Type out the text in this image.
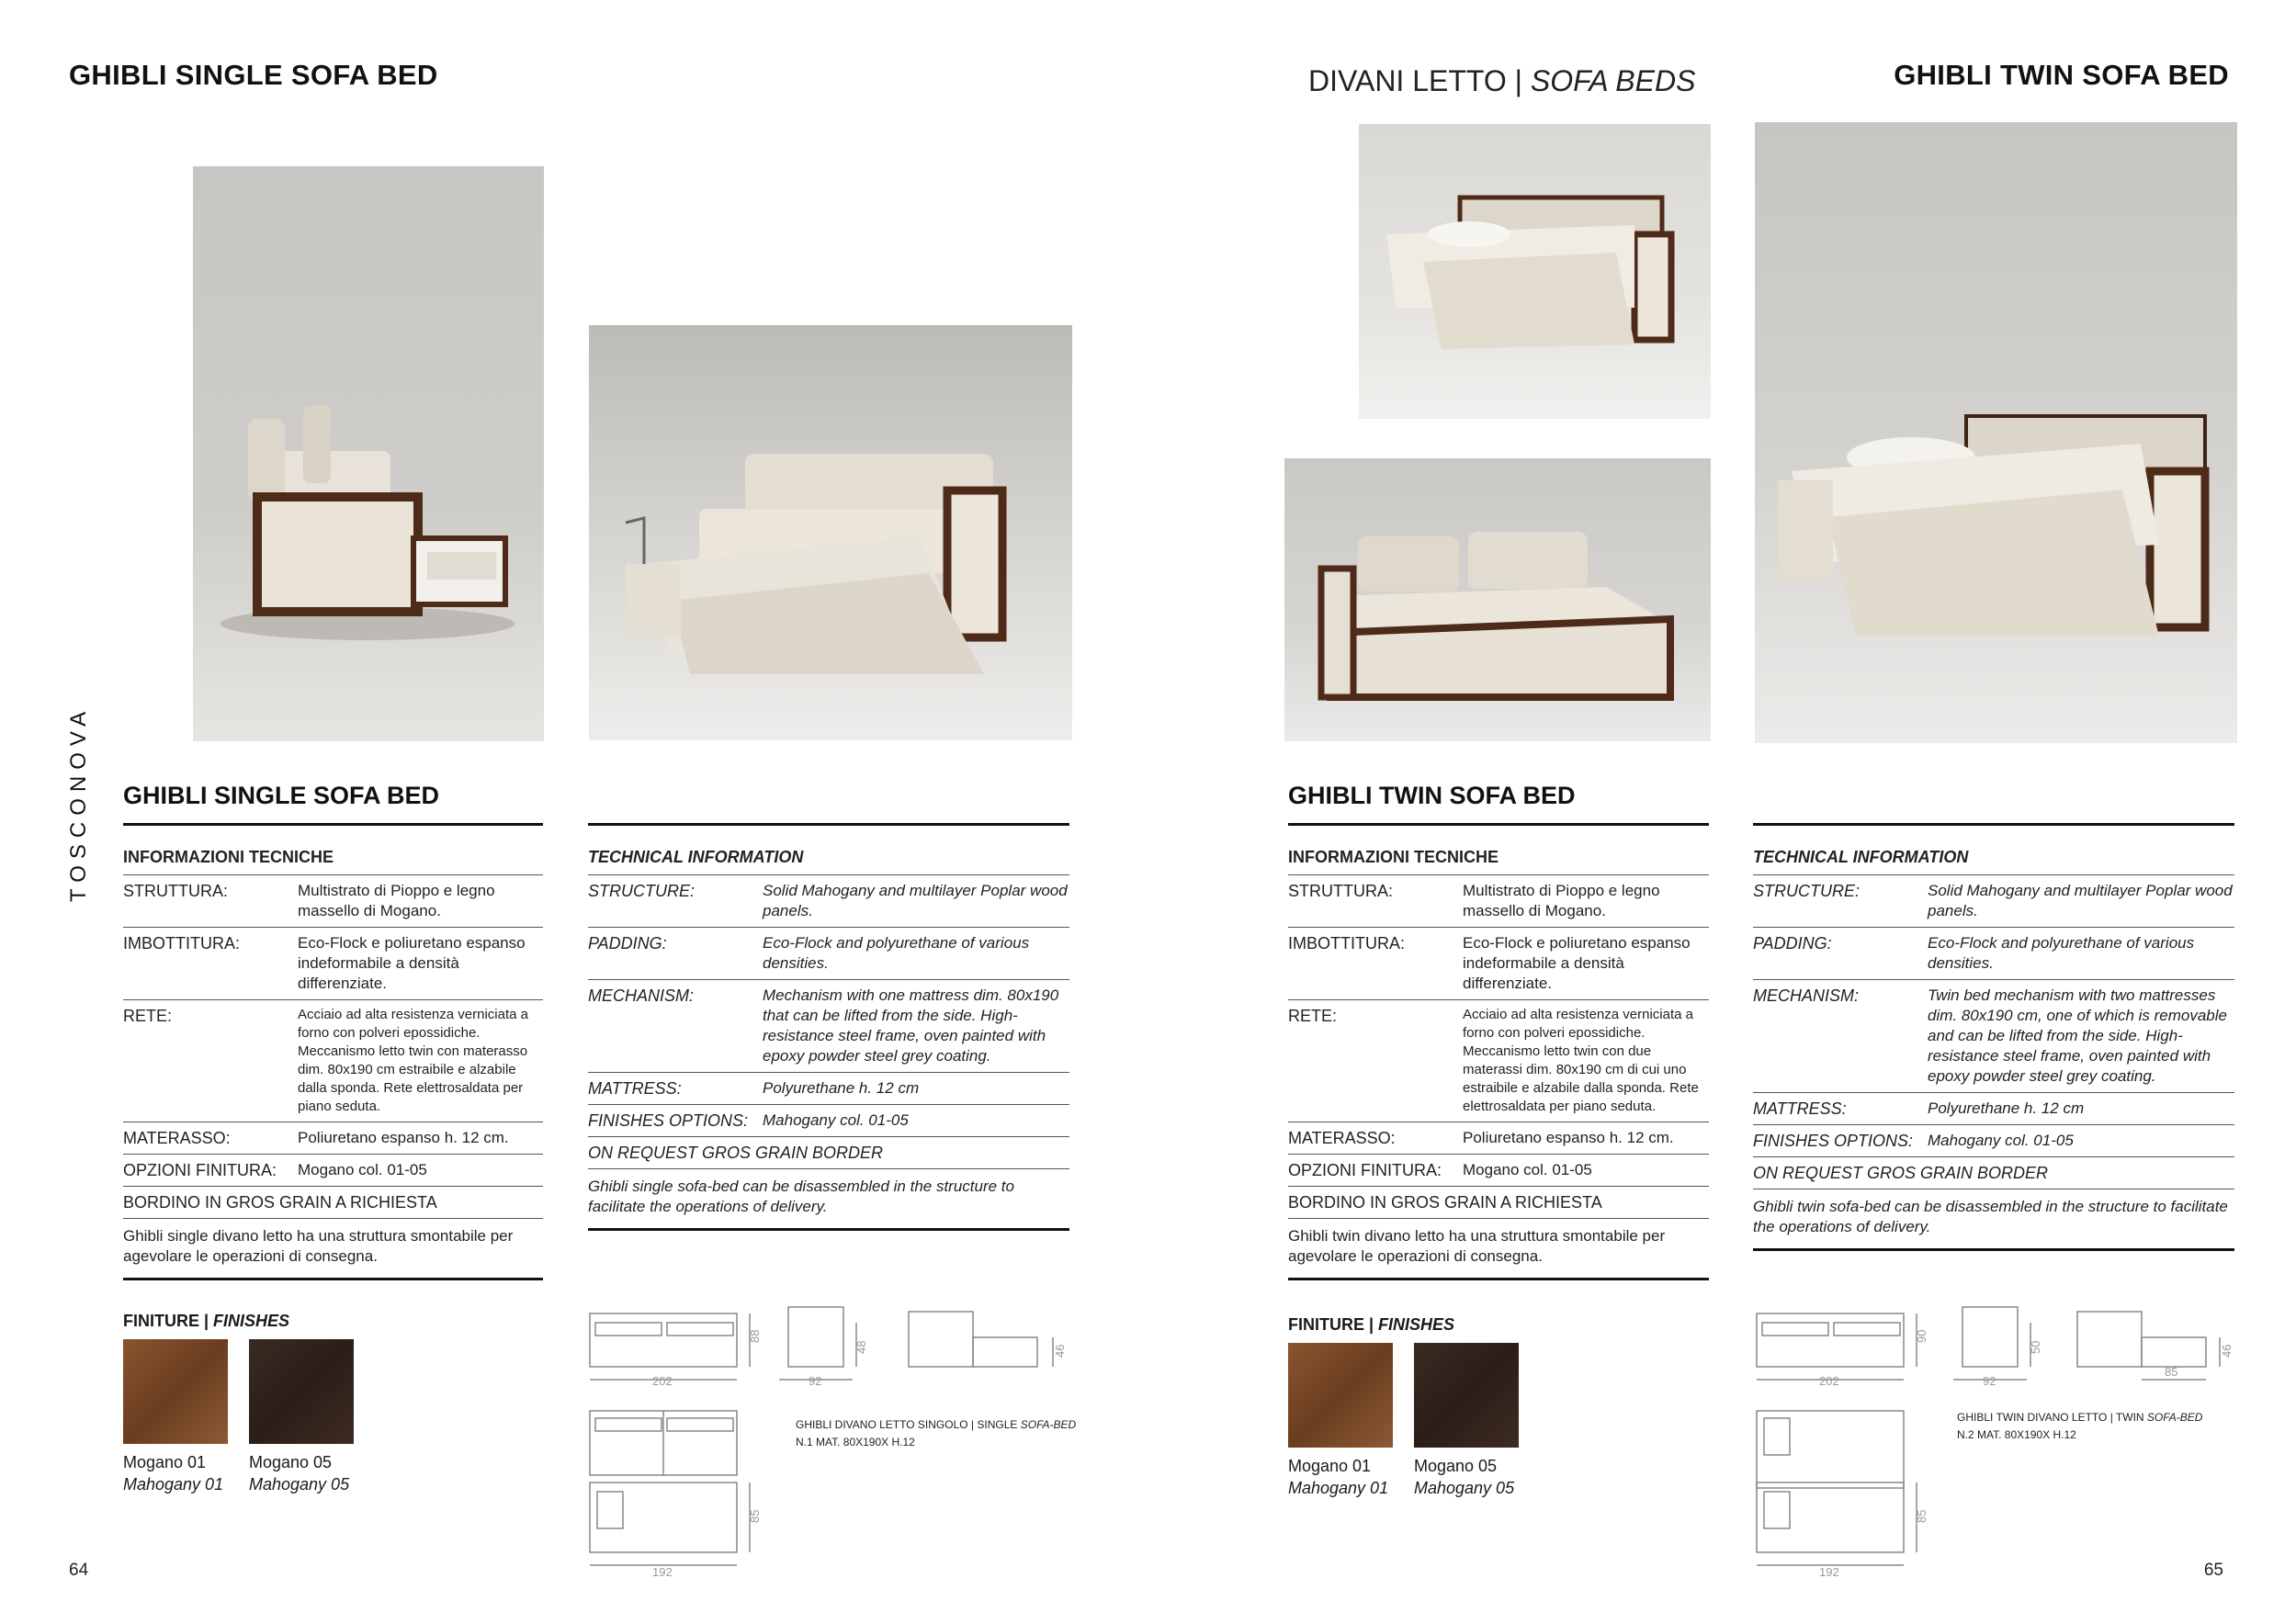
GHIBLI SINGLE SOFA BED	DIVANI LETTO | SOFA BEDS	GHIBLI TWIN SOFA BED
TOSCONOVA GHIBLI SINGLE SOFA BED
INFORMAZIONI TECNICHE	
STRUTTURA:	Multistrato di Pioppo e legno massello di Mogano.
IMBOTTITURA:	Eco-Flock e poliuretano espanso indeformabile a densità differenziate.
RETE:	Acciaio ad alta resistenza verniciata a forno con polveri epossidiche. Meccanismo letto twin con materasso dim. 80x190 cm estraibile e alzabile dalla sponda. Rete elettrosaldata per piano seduta.
MATERASSO:	Poliuretano espanso h. 12 cm.
OPZIONI FINITURA:	Mogano col. 01-05
BORDINO IN GROS GRAIN A RICHIESTA	
Ghibli single divano letto ha una struttura smontabile per agevolare le operazioni di consegna.	
TECHNICAL INFORMATION	
STRUCTURE:	Solid Mahogany and multilayer Poplar wood panels.
PADDING:	Eco-Flock and polyurethane of various densities.
MECHANISM:	Mechanism with one mattress dim. 80x190 that can be lifted from the side. High-resistance steel frame, oven painted with epoxy powder steel grey coating.
MATTRESS:	Polyurethane h. 12 cm
FINISHES OPTIONS:	Mahogany col. 01-05
ON REQUEST GROS GRAIN BORDER	
Ghibli single sofa-bed can be disassembled in the structure to facilitate the operations of delivery.	
FINITURE | FINISHES
Mogano 01
Mahogany 01
Mogano 05
Mahogany 05
202
88
92
48	46
85
192
GHIBLI DIVANO LETTO SINGOLO | SINGLE SOFA-BED
N.1 MAT. 80X190X H.12
64
GHIBLI TWIN SOFA BED
INFORMAZIONI TECNICHE	
STRUTTURA:	Multistrato di Pioppo e legno massello di Mogano.
IMBOTTITURA:	Eco-Flock e poliuretano espanso indeformabile a densità differenziate.
RETE:	Acciaio ad alta resistenza verniciata a forno con polveri epossidiche. Meccanismo letto twin con due materassi dim. 80x190 cm di cui uno estraibile e alzabile dalla sponda. Rete elettrosaldata per piano seduta.
MATERASSO:	Poliuretano espanso h. 12 cm.
OPZIONI FINITURA:	Mogano col. 01-05
BORDINO IN GROS GRAIN A RICHIESTA	
Ghibli twin divano letto ha una struttura smontabile per agevolare le operazioni di consegna.	
TECHNICAL INFORMATION	
STRUCTURE:	Solid Mahogany and multilayer Poplar wood panels.
PADDING:	Eco-Flock and polyurethane of various densities.
MECHANISM:	Twin bed mechanism with two mattresses dim. 80x190 cm, one of which is removable and can be lifted from the side. High-resistance steel frame, oven painted with epoxy powder steel grey coating.
MATTRESS:	Polyurethane h. 12 cm
FINISHES OPTIONS:	Mahogany col. 01-05
ON REQUEST GROS GRAIN BORDER	
Ghibli twin sofa-bed can be disassembled in the structure to facilitate the operations of delivery.	
FINITURE | FINISHES
Mogano 01
Mahogany 01
Mogano 05
Mahogany 05
202
90
92
50
85
46
85
192
GHIBLI TWIN DIVANO LETTO | TWIN SOFA-BED
N.2 MAT. 80X190X H.12
65
